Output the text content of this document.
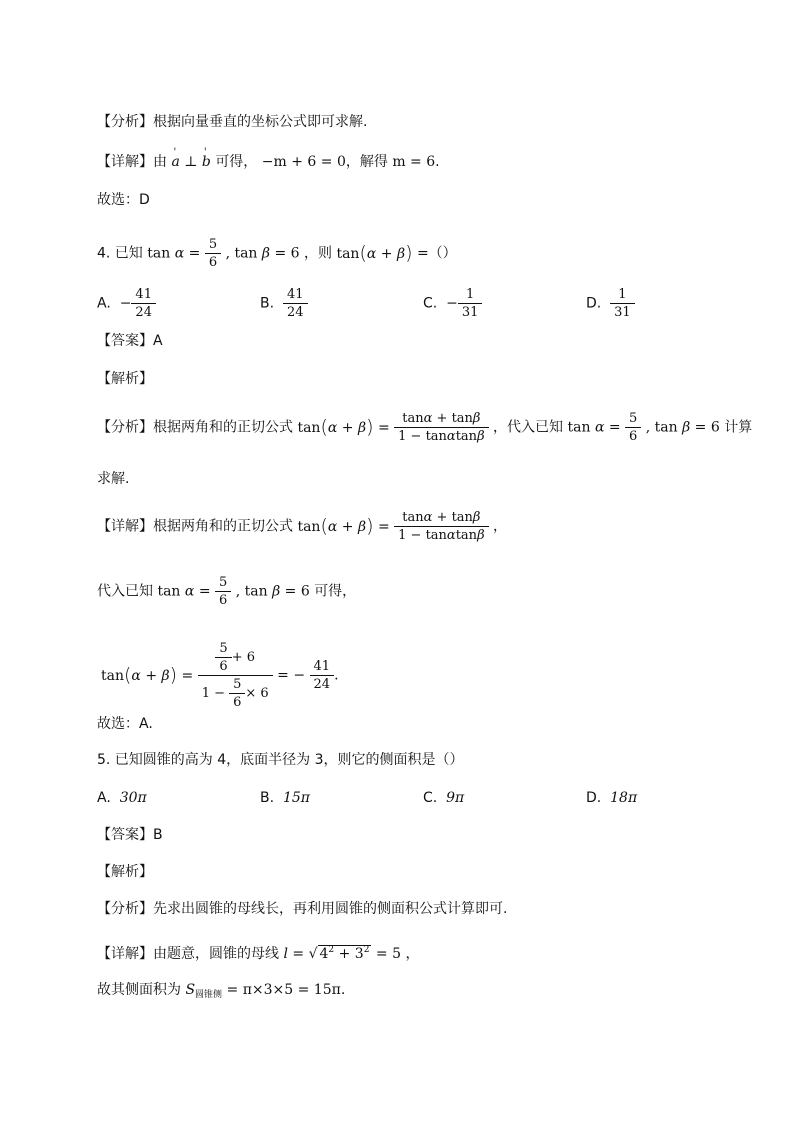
【分析】根据向量垂直的坐标公式即可求解.
【详解】由 ' a ⊥ ' b 可得， −m + 6 = 0，解得 m = 6.
故选：D
4. 已知 $\tan \alpha = \frac{5}{6}$ , tan β = 6 ，则 tan(α + β) =（）
A. − $\frac{41}{24}$	B. $\frac{41}{24}$	C. − $\frac{1}{31}$	D. $\frac{1}{31}$
【答案】A
【解析】
【分析】根据两角和的正切公式 $\tan(\alpha + \beta) = \frac{\tan\alpha + \tan\beta}{1 - \tan\alpha\tan\beta}$ ，代入已知 $\tan \alpha = \frac{5}{6}$ , tan β = 6 计算
求解.
【详解】根据两角和的正切公式 $\tan(\alpha + \beta) = \frac{\tan\alpha + \tan\beta}{1 - \tan\alpha\tan\beta}$ ，
代入已知 $\tan \alpha = \frac{5}{6}$ , tan β = 6 可得，
$\tan(\alpha + \beta) = \frac{\frac{5}{6} + 6}{1 - \frac{5}{6} \times 6}$ = − $\frac{41}{24}$ .
故选：A.
5. 已知圆锥的高为 4，底面半径为 3，则它的侧面积是（）
A. 30π	B. 15π	C. 9π	D. 18π
【答案】B
【解析】
【分析】先求出圆锥的母线长，再利用圆锥的侧面积公式计算即可.
【详解】由题意，圆锥的母线 l = √ $4^2 + 3^2 = 5$ ，
故其侧面积为 $S_{圆锥侧} = \pi\times 3\times 5 = 15\pi$.
